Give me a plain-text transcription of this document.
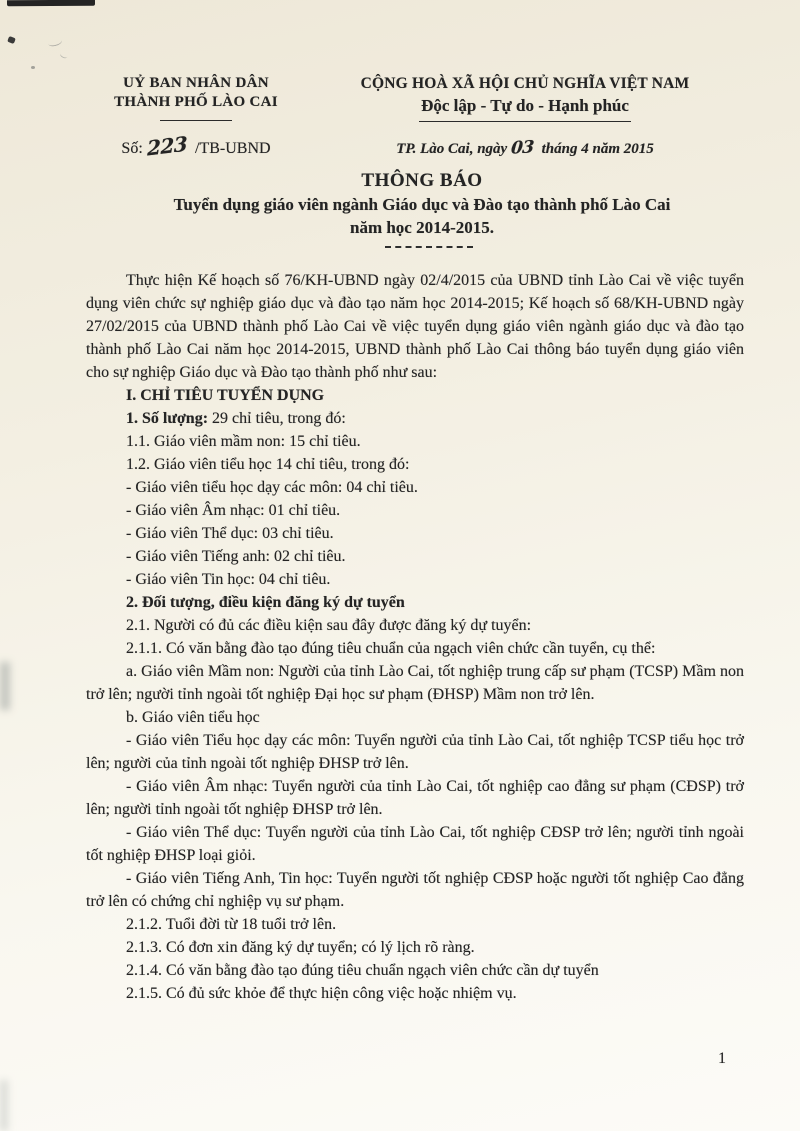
UỶ BAN NHÂN DÂN
THÀNH PHỐ LÀO CAI
Số: 223 /TB-UBND
CỘNG HOÀ XÃ HỘI CHỦ NGHĨA VIỆT NAM
Độc lập - Tự do - Hạnh phúc
TP. Lào Cai, ngày 03 tháng 4 năm 2015
THÔNG BÁO
Tuyển dụng giáo viên ngành Giáo dục và Đào tạo thành phố Lào Cai
năm học 2014-2015.

Thực hiện Kế hoạch số 76/KH-UBND ngày 02/4/2015 của UBND tỉnh Lào Cai về việc tuyển dụng viên chức sự nghiệp giáo dục và đào tạo năm học 2014-2015; Kế hoạch số 68/KH-UBND ngày 27/02/2015 của UBND thành phố Lào Cai về việc tuyển dụng giáo viên ngành giáo dục và đào tạo thành phố Lào Cai năm học 2014-2015, UBND thành phố Lào Cai thông báo tuyển dụng giáo viên cho sự nghiệp Giáo dục và Đào tạo thành phố như sau:

I. CHỈ TIÊU TUYỂN DỤNG

1. Số lượng: 29 chỉ tiêu, trong đó:

1.1. Giáo viên mầm non: 15 chỉ tiêu.

1.2. Giáo viên tiểu học 14 chỉ tiêu, trong đó:

- Giáo viên tiểu học dạy các môn: 04 chỉ tiêu.

- Giáo viên Âm nhạc: 01 chỉ tiêu.

- Giáo viên Thể dục: 03 chỉ tiêu.

- Giáo viên Tiếng anh: 02 chỉ tiêu.

- Giáo viên Tin học: 04 chỉ tiêu.

2. Đối tượng, điều kiện đăng ký dự tuyển

2.1. Người có đủ các điều kiện sau đây được đăng ký dự tuyển:

2.1.1. Có văn bằng đào tạo đúng tiêu chuẩn của ngạch viên chức cần tuyển, cụ thể:

a. Giáo viên Mầm non: Người của tỉnh Lào Cai, tốt nghiệp trung cấp sư phạm (TCSP) Mầm non trở lên; người tỉnh ngoài tốt nghiệp Đại học sư phạm (ĐHSP) Mầm non trở lên.

b. Giáo viên tiểu học

- Giáo viên Tiểu học dạy các môn: Tuyển người của tỉnh Lào Cai, tốt nghiệp TCSP tiểu học trở lên; người của tỉnh ngoài tốt nghiệp ĐHSP trở lên.

- Giáo viên Âm nhạc: Tuyển người của tỉnh Lào Cai, tốt nghiệp cao đẳng sư phạm (CĐSP) trở lên; người tỉnh ngoài tốt nghiệp ĐHSP trở lên.

- Giáo viên Thể dục: Tuyển người của tỉnh Lào Cai, tốt nghiệp CĐSP trở lên; người tỉnh ngoài tốt nghiệp ĐHSP loại giỏi.

- Giáo viên Tiếng Anh, Tin học: Tuyển người tốt nghiệp CĐSP hoặc người tốt nghiệp Cao đẳng trở lên có chứng chỉ nghiệp vụ sư phạm.

2.1.2. Tuổi đời từ 18 tuổi trở lên.

2.1.3. Có đơn xin đăng ký dự tuyển; có lý lịch rõ ràng.

2.1.4. Có văn bằng đào tạo đúng tiêu chuẩn ngạch viên chức cần dự tuyển

2.1.5. Có đủ sức khỏe để thực hiện công việc hoặc nhiệm vụ.

1
